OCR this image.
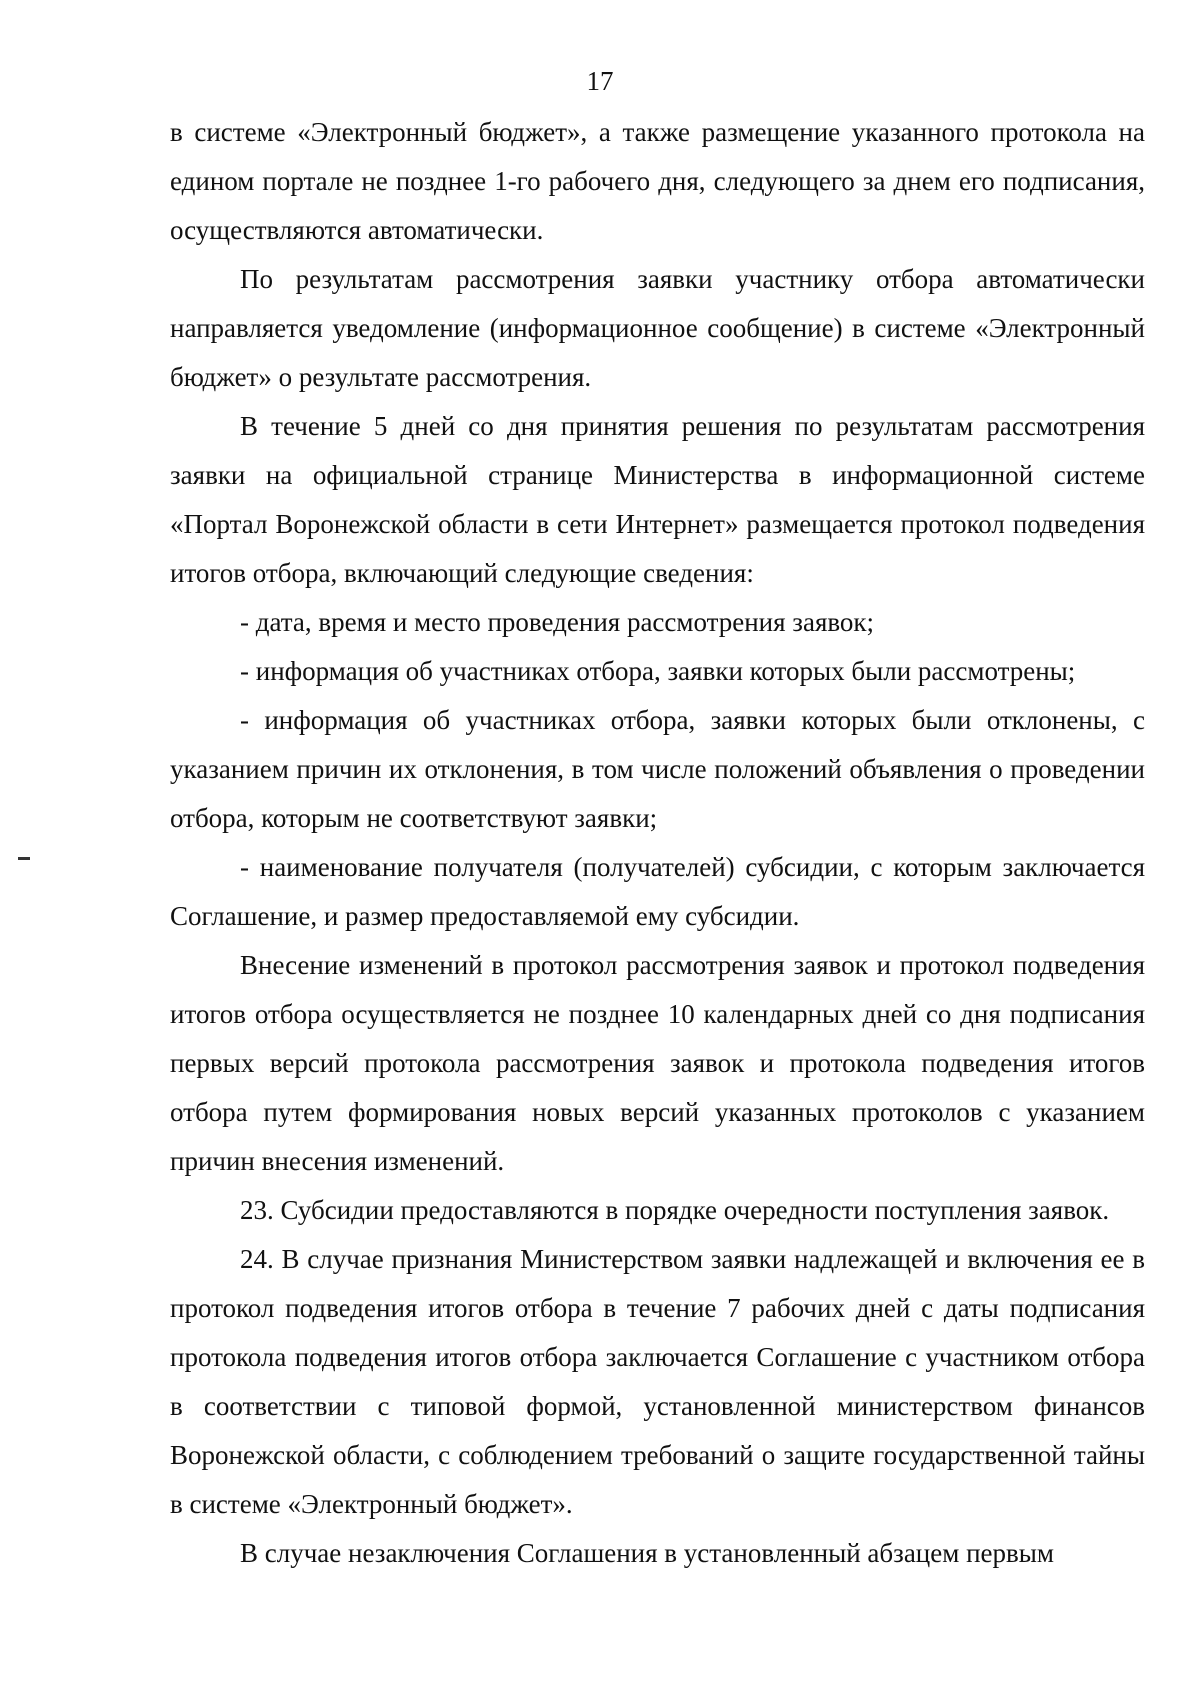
17

в системе «Электронный бюджет», а также размещение указанного протокола на едином портале не позднее 1-го рабочего дня, следующего за днем его подписания, осуществляются автоматически.

По результатам рассмотрения заявки участнику отбора автоматически направляется уведомление (информационное сообщение) в системе «Электронный бюджет» о результате рассмотрения.

В течение 5 дней со дня принятия решения по результатам рассмотрения заявки на официальной странице Министерства в информационной системе «Портал Воронежской области в сети Интернет» размещается протокол подведения итогов отбора, включающий следующие сведения:

- дата, время и место проведения рассмотрения заявок;

- информация об участниках отбора, заявки которых были рассмотрены;

- информация об участниках отбора, заявки которых были отклонены, с указанием причин их отклонения, в том числе положений объявления о проведении отбора, которым не соответствуют заявки;

- наименование получателя (получателей) субсидии, с которым заключается Соглашение, и размер предоставляемой ему субсидии.

Внесение изменений в протокол рассмотрения заявок и протокол подведения итогов отбора осуществляется не позднее 10 календарных дней со дня подписания первых версий протокола рассмотрения заявок и протокола подведения итогов отбора путем формирования новых версий указанных протоколов с указанием причин внесения изменений.

23. Субсидии предоставляются в порядке очередности поступления заявок.

24. В случае признания Министерством заявки надлежащей и включения ее в протокол подведения итогов отбора в течение 7 рабочих дней с даты подписания протокола подведения итогов отбора заключается Соглашение с участником отбора в соответствии с типовой формой, установленной министерством финансов Воронежской области, с соблюдением требований о защите государственной тайны в системе «Электронный бюджет».

В случае незаключения Соглашения в установленный абзацем первым
